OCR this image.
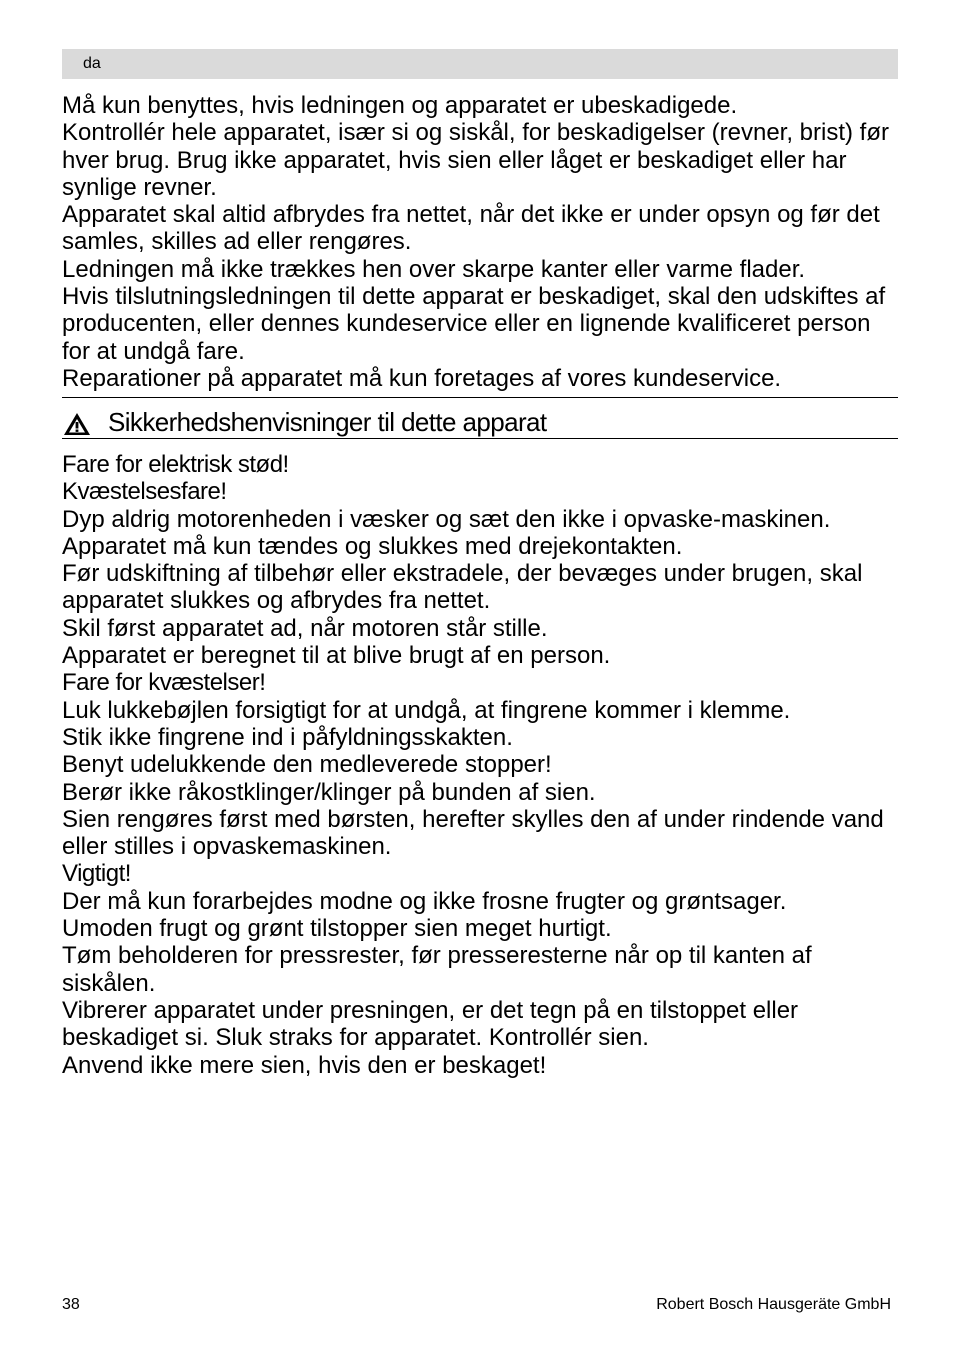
da

Må kun benyttes, hvis ledningen og apparatet er ubeskadigede.

Kontrollér hele apparatet, især si og siskål, for beskadigelser (revner, brist) før hver brug. Brug ikke apparatet, hvis sien eller låget er beskadiget eller har synlige revner.

Apparatet skal altid afbrydes fra nettet, når det ikke er under opsyn og før det samles, skilles ad eller rengøres.

Ledningen må ikke trækkes hen over skarpe kanter eller varme flader.

Hvis tilslutningsledningen til dette apparat er beskadiget, skal den udskiftes af producenten, eller dennes kundeservice eller en lignende kvalificeret person for at undgå fare.

Reparationer på apparatet må kun foretages af vores kundeservice.

Sikkerhedshenvisninger til dette apparat

Fare for elektrisk stød!

Kvæstelsesfare!

Dyp aldrig motorenheden i væsker og sæt den ikke i opvaske-maskinen.

Apparatet må kun tændes og slukkes med drejekontakten.

Før udskiftning af tilbehør eller ekstradele, der bevæges under brugen, skal apparatet slukkes og afbrydes fra nettet.

Skil først apparatet ad, når motoren står stille.

Apparatet er beregnet til at blive brugt af en person.

Fare for kvæstelser!

Luk lukkebøjlen forsigtigt for at undgå, at fingrene kommer i klemme.

Stik ikke fingrene ind i påfyldningsskakten.

Benyt udelukkende den medleverede stopper!

Berør ikke råkostklinger/klinger på bunden af sien.

Sien rengøres først med børsten, herefter skylles den af under rindende vand eller stilles i opvaskemaskinen.

Vigtigt!

Der må kun forarbejdes modne og ikke frosne frugter og grøntsager.

Umoden frugt og grønt tilstopper sien meget hurtigt.

Tøm beholderen for pressrester, før presseresterne når op til kanten af siskålen.

Vibrerer apparatet under presningen, er det tegn på en tilstoppet eller beskadiget si. Sluk straks for apparatet. Kontrollér sien.

Anvend ikke mere sien, hvis den er beskaget!

38	Robert Bosch Hausgeräte GmbH
